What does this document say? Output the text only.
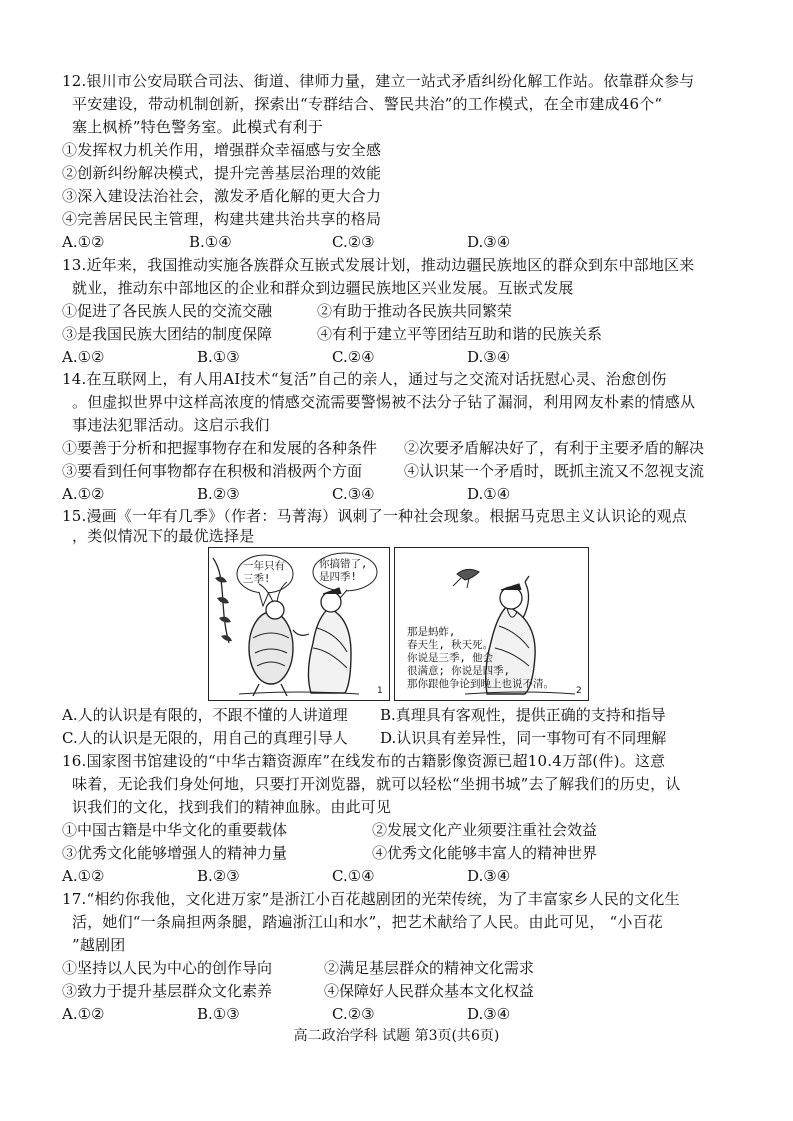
12.银川市公安局联合司法、街道、律师力量，建立一站式矛盾纠纷化解工作站。依靠群众参与
平安建设，带动机制创新，探索出“专群结合、警民共治”的工作模式，在全市建成46个“
塞上枫桥”特色警务室。此模式有利于
①发挥权力机关作用，增强群众幸福感与安全感
②创新纠纷解决模式，提升完善基层治理的效能
③深入建设法治社会，激发矛盾化解的更大合力
④完善居民民主管理，构建共建共治共享的格局
A.①②	B.①④	C.②③	D.③④
13.近年来，我国推动实施各族群众互嵌式发展计划，推动边疆民族地区的群众到东中部地区来
就业，推动东中部地区的企业和群众到边疆民族地区兴业发展。互嵌式发展
①促进了各民族人民的交流交融	②有助于推动各民族共同繁荣
③是我国民族大团结的制度保障	④有利于建立平等团结互助和谐的民族关系
A.①②	B.①③	C.②④	D.③④
14.在互联网上，有人用AI技术“复活”自己的亲人，通过与之交流对话抚慰心灵、治愈创伤
。但虚拟世界中这样高浓度的情感交流需要警惕被不法分子钻了漏洞，利用网友朴素的情感从
事违法犯罪活动。这启示我们
①要善于分析和把握事物存在和发展的各种条件 ②次要矛盾解决好了，有利于主要矛盾的解决
③要看到任何事物都存在积极和消极两个方面	④认识某一个矛盾时，既抓主流又不忽视支流
A.①②	B.②③	C.③④	D.①④
15.漫画《一年有几季》（作者：马菁海）讽刺了一种社会现象。根据马克思主义认识论的观点
，类似情况下的最优选择是
一年只有
三季!
你搞错了,
是四季!
1
那是蚂蚱,
春天生, 秋天死。
你说是三季, 他会
很满意; 你说是四季,
那你跟他争论到晚上也说不清。
2
A.人的认识是有限的，不跟不懂的人讲道理 B.真理具有客观性，提供正确的支持和指导
C.人的认识是无限的，用自己的真理引导人 D.认识具有差异性，同一事物可有不同理解
16.国家图书馆建设的“中华古籍资源库”在线发布的古籍影像资源已超10.4万部(件)。这意
味着，无论我们身处何地，只要打开浏览器，就可以轻松“坐拥书城”去了解我们的历史，认
识我们的文化，找到我们的精神血脉。由此可见
①中国古籍是中华文化的重要载体	②发展文化产业须要注重社会效益
③优秀文化能够增强人的精神力量	④优秀文化能够丰富人的精神世界
A.①②	B.②③	C.①④	D.③④
17.“相约你我他，文化进万家”是浙江小百花越剧团的光荣传统，为了丰富家乡人民的文化生
活，她们“一条扁担两条腿，踏遍浙江山和水”，把艺术献给了人民。由此可见， “小百花
”越剧团
①坚持以人民为中心的创作导向	②满足基层群众的精神文化需求
③致力于提升基层群众文化素养	④保障好人民群众基本文化权益
A.①②	B.①③	C.②③	D.③④
高二政治学科 试题 第3页(共6页)
